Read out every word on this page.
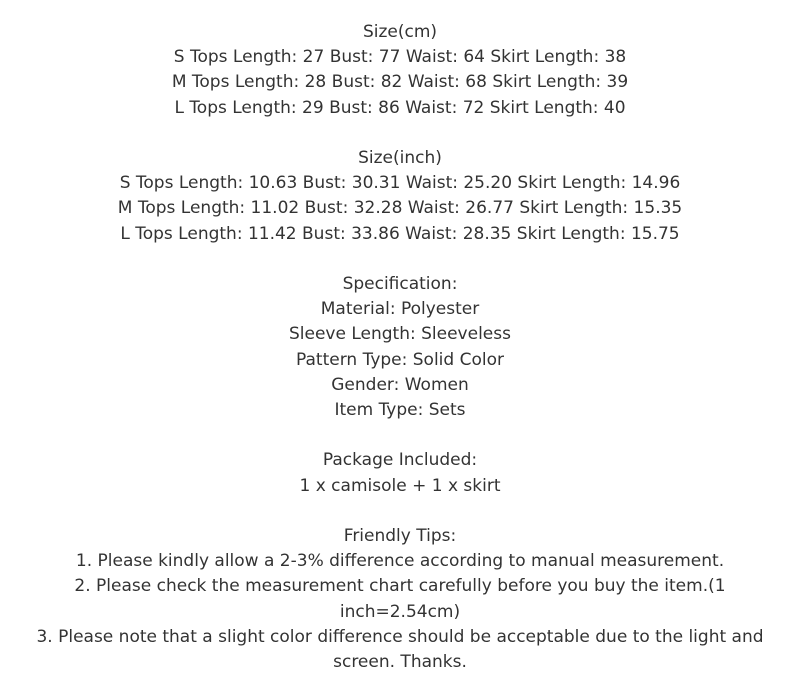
Size(cm)
S Tops Length: 27 Bust: 77 Waist: 64 Skirt Length: 38
M Tops Length: 28 Bust: 82 Waist: 68 Skirt Length: 39
L Tops Length: 29 Bust: 86 Waist: 72 Skirt Length: 40
Size(inch)
S Tops Length: 10.63 Bust: 30.31 Waist: 25.20 Skirt Length: 14.96
M Tops Length: 11.02 Bust: 32.28 Waist: 26.77 Skirt Length: 15.35
L Tops Length: 11.42 Bust: 33.86 Waist: 28.35 Skirt Length: 15.75
Specification:
Material: Polyester
Sleeve Length: Sleeveless
Pattern Type: Solid Color
Gender: Women
Item Type: Sets
Package Included:
1 x camisole + 1 x skirt
Friendly Tips:
1. Please kindly allow a 2-3% difference according to manual measurement.
2. Please check the measurement chart carefully before you buy the item.(1 inch=2.54cm)
3. Please note that a slight color difference should be acceptable due to the light and screen. Thanks.
